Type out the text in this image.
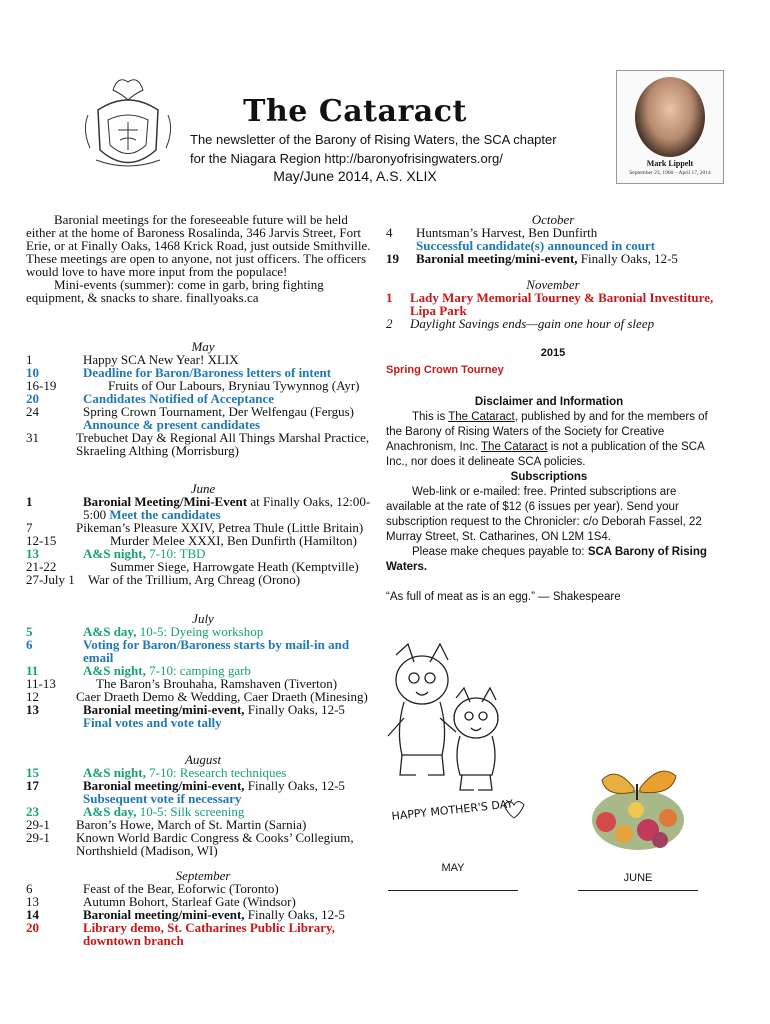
The Cataract
The newsletter of the Barony of Rising Waters, the SCA chapter
for the Niagara Region http://baronyofrisingwaters.org/
May/June 2014, A.S. XLIX
Mark Lippelt
September 23, 1960 – April 17, 2014

Baronial meetings for the foreseeable future will be held either at the home of Baroness Rosalinda, 346 Jarvis Street, Fort Erie, or at Finally Oaks, 1468 Krick Road, just outside Smithville. These meetings are open to anyone, not just officers. The officers would love to have more input from the populace!

Mini-events (summer): come in garb, bring fighting equipment, & snacks to share. finallyoaks.ca

May

1	Happy SCA New Year! XLIX
10	Deadline for Baron/Baroness letters of intent
16-19	Fruits of Our Labours, Bryniau Tywynnog (Ayr)
20	Candidates Notified of Acceptance
24	Spring Crown Tournament, Der Welfengau (Fergus)
Announce & present candidates
31	Trebuchet Day & Regional All Things Marshal Practice, Skraeling Althing (Morrisburg)

June

1	Baronial Meeting/Mini-Event at Finally Oaks, 12:00-5:00 Meet the candidates
7	Pikeman’s Pleasure XXIV, Petrea Thule (Little Britain)
12-15	Murder Melee XXXI, Ben Dunfirth (Hamilton)
13	A&S night, 7-10: TBD
21-22	Summer Siege, Harrowgate Heath (Kemptville)
27-July 1 War of the Trillium, Arg Chreag (Orono)

July

5	A&S day, 10-5: Dyeing workshop
6	Voting for Baron/Baroness starts by mail-in and email
11	A&S night, 7-10: camping garb
11-13	The Baron’s Brouhaha, Ramshaven (Tiverton)
12	Caer Draeth Demo & Wedding, Caer Draeth (Minesing)
13	Baronial meeting/mini-event, Finally Oaks, 12-5
Final votes and vote tally

August

15	A&S night, 7-10: Research techniques
17	Baronial meeting/mini-event, Finally Oaks, 12-5
Subsequent vote if necessary
23	A&S day, 10-5: Silk screening
29-1 Baron’s Howe, March of St. Martin (Sarnia)
29-1 Known World Bardic Congress & Cooks’ Collegium, Northshield (Madison, WI)

September

6	Feast of the Bear, Eoforwic (Toronto)
13	Autumn Bohort, Starleaf Gate (Windsor)
14	Baronial meeting/mini-event, Finally Oaks, 12-5
20	Library demo, St. Catharines Public Library, downtown branch

October

4 Huntsman’s Harvest, Ben Dunfirth
Successful candidate(s) announced in court
19 Baronial meeting/mini-event, Finally Oaks, 12-5

November

1 Lady Mary Memorial Tourney & Baronial Investiture, Lipa Park
2 Daylight Savings ends—gain one hour of sleep
2015
Spring Crown Tourney
Disclaimer and Information

This is The Cataract, published by and for the members of the Barony of Rising Waters of the Society for Creative Anachronism, Inc. The Cataract is not a publication of the SCA Inc., nor does it delineate SCA policies.

Subscriptions

Web-link or e-mailed: free. Printed subscriptions are available at the rate of $12 (6 issues per year). Send your subscription request to the Chronicler: c/o Deborah Fassel, 22 Murray Street, St. Catharines, ON L2M 1S4.

Please make cheques payable to: SCA Barony of Rising Waters.

“As full of meat as is an egg.” — Shakespeare
HAPPY MOTHER'S DAY
MAY
JUNE
